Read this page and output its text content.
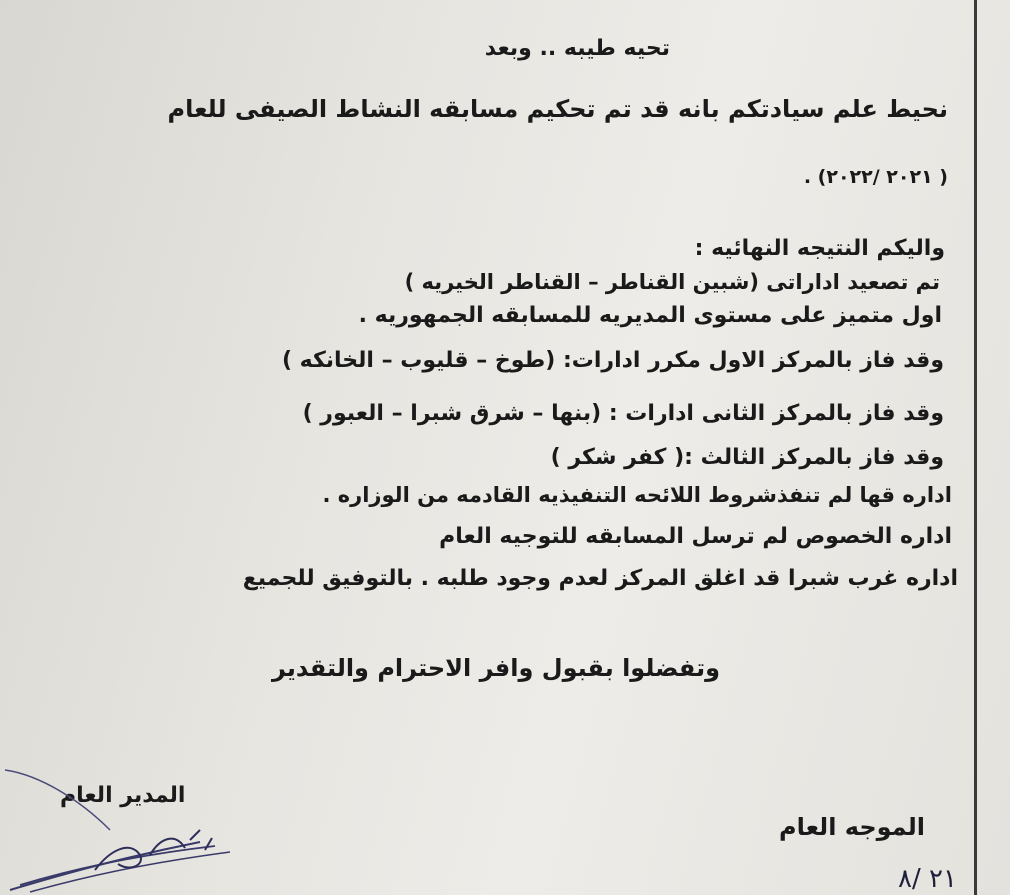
تحيه طيبه .. وبعد
نحيط علم سيادتكم بانه قد تم تحكيم مسابقه النشاط الصيفى للعام
( ٢٠٢١ /٢٠٢٢) .
واليكم النتيجه النهائيه :
تم تصعيد اداراتى (شبين القناطر – القناطر الخيريه )
اول متميز على مستوى المديريه للمسابقه الجمهوريه .
وقد فاز بالمركز الاول مكرر ادارات: (طوخ – قليوب – الخانكه )
وقد فاز بالمركز الثانى ادارات : (بنها – شرق شبرا – العبور )
وقد فاز بالمركز الثالث :( كفر شكر )
اداره قها لم تنفذشروط اللائحه التنفيذيه القادمه من الوزاره .
اداره الخصوص لم ترسل المسابقه للتوجيه العام
اداره غرب شبرا قد اغلق المركز لعدم وجود طلبه . بالتوفيق للجميع
وتفضلوا بقبول وافر الاحترام والتقدير
المدير العام
الموجه العام
٢١ /٨
